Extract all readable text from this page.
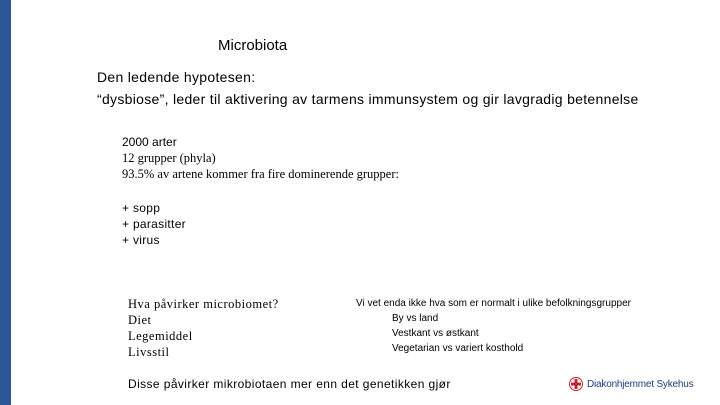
Microbiota
Den ledende hypotesen:
“dysbiose”, leder til aktivering av tarmens immunsystem og gir lavgradig betennelse
2000 arter
12 grupper (phyla)
93.5% av artene kommer fra fire dominerende grupper:
+ sopp
+ parasitter
+ virus
Hva påvirker microbiomet?
Diet
Legemiddel
Livsstil
Vi vet enda ikke hva som er normalt i ulike befolkningsgrupper
By vs land
Vestkant vs østkant
Vegetarian vs variert kosthold
Disse påvirker mikrobiotaen mer enn det genetikken gjør	Diakonhjemmet Sykehus
